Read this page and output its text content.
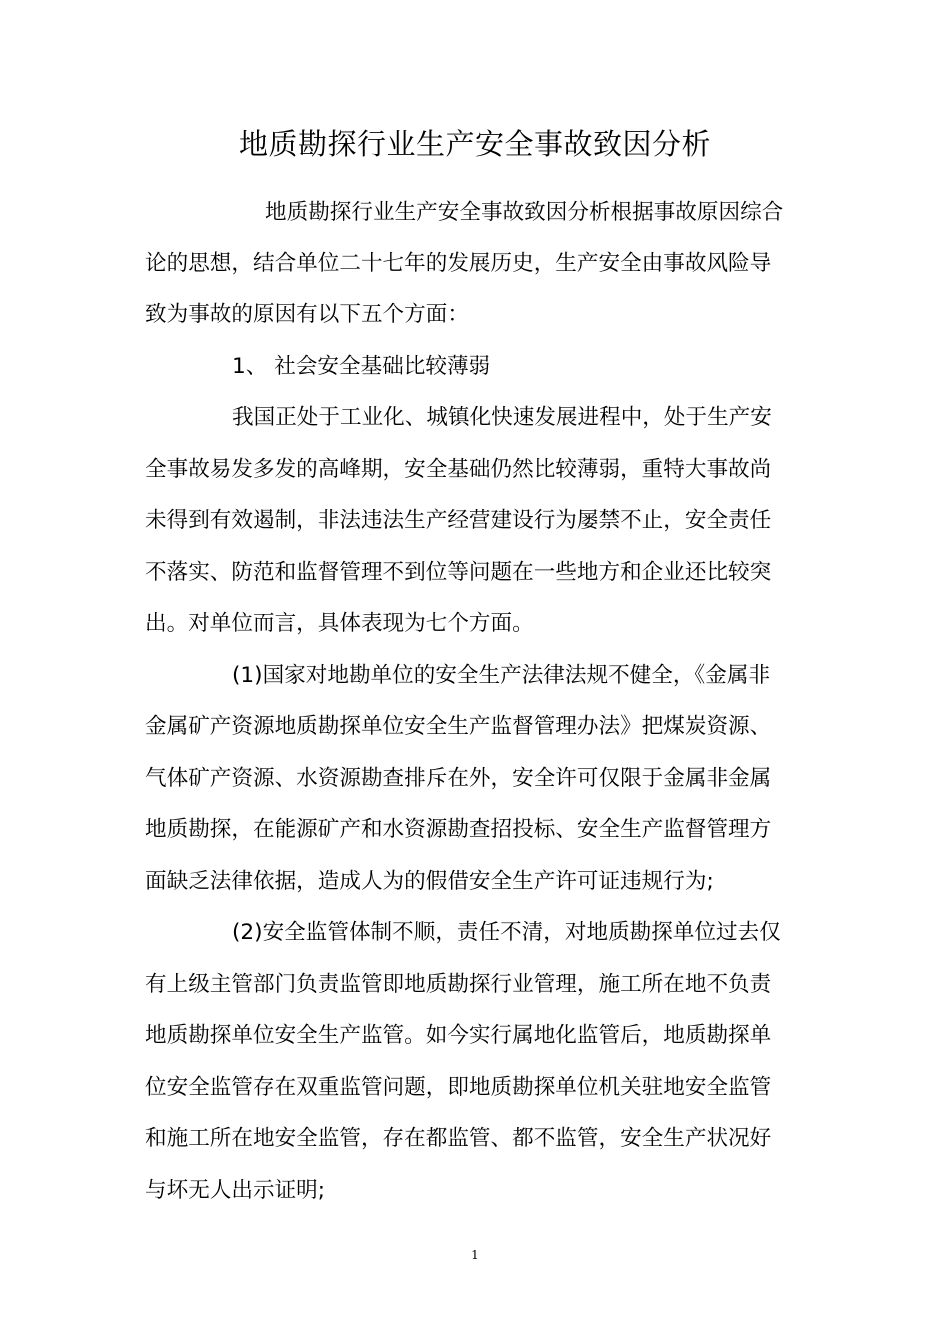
地质勘探行业生产安全事故致因分析
地质勘探行业生产安全事故致因分析根据事故原因综合
论的思想，结合单位二十七年的发展历史，生产安全由事故风险导
致为事故的原因有以下五个方面：
1、 社会安全基础比较薄弱
我国正处于工业化、城镇化快速发展进程中，处于生产安
全事故易发多发的高峰期，安全基础仍然比较薄弱，重特大事故尚
未得到有效遏制，非法违法生产经营建设行为屡禁不止，安全责任
不落实、防范和监督管理不到位等问题在一些地方和企业还比较突
出。对单位而言，具体表现为七个方面。
(1)国家对地勘单位的安全生产法律法规不健全，《金属非
金属矿产资源地质勘探单位安全生产监督管理办法》把煤炭资源、
气体矿产资源、水资源勘查排斥在外，安全许可仅限于金属非金属
地质勘探，在能源矿产和水资源勘查招投标、安全生产监督管理方
面缺乏法律依据，造成人为的假借安全生产许可证违规行为;
(2)安全监管体制不顺，责任不清，对地质勘探单位过去仅
有上级主管部门负责监管即地质勘探行业管理，施工所在地不负责
地质勘探单位安全生产监管。如今实行属地化监管后，地质勘探单
位安全监管存在双重监管问题，即地质勘探单位机关驻地安全监管
和施工所在地安全监管，存在都监管、都不监管，安全生产状况好
与坏无人出示证明;
1
